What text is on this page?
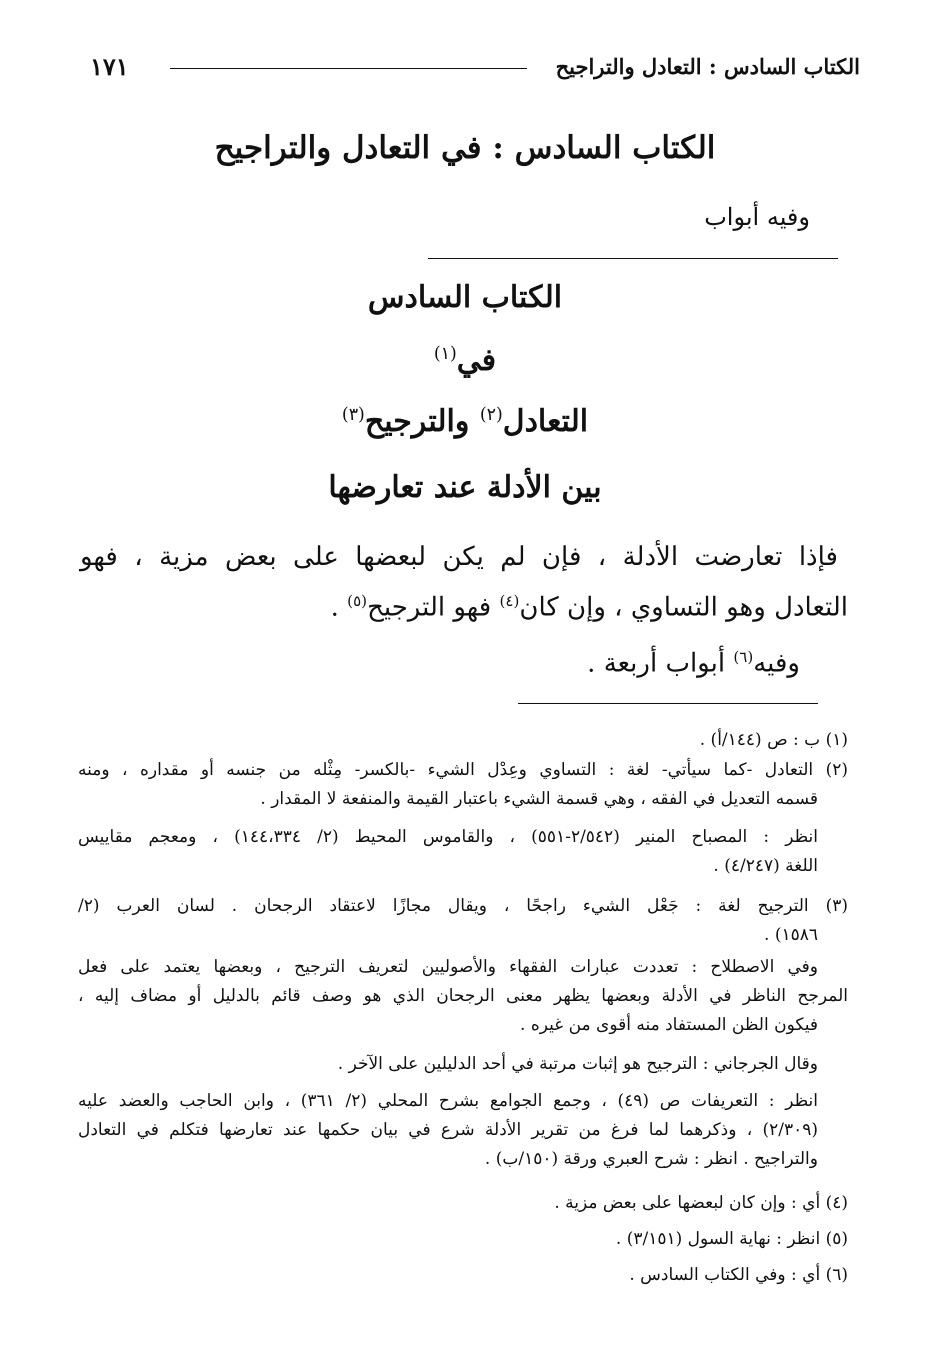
الكتاب السادس : التعادل والتراجيح
١٧١
الكتاب السادس : في التعادل والتراجيح
وفيه أبواب
الكتاب السادس
في$^{(١)}$
التعادل$^{(٢)}$ والترجيح$^{(٣)}$
بين الأدلة عند تعارضها
فإذا تعارضت الأدلة ، فإن لم يكن لبعضها على بعض مزية ، فهو
التعادل وهو التساوي ، وإن كان$^{(٤)}$ فهو الترجيح$^{(٥)}$ .
وفيه$^{(٦)}$ أبواب أربعة .
(١) ب : ص (١٤٤/أ) .
(٢) التعادل -كما سيأتي- لغة : التساوي وعِدْل الشيء -بالكسر- مِثْله من جنسه أو مقداره ، ومنه
قسمه التعديل في الفقه ، وهي قسمة الشيء باعتبار القيمة والمنفعة لا المقدار .
انظر : المصباح المنير (٢/٥٤٢-٥٥١) ، والقاموس المحيط (٢/ ١٤٤،٣٣٤) ، ومعجم مقاييس
اللغة (٤/٢٤٧) .
(٣) الترجيح لغة : جَعْل الشيء راجحًا ، ويقال مجازًا لاعتقاد الرجحان . لسان العرب (٢/
١٥٨٦) .
وفي الاصطلاح : تعددت عبارات الفقهاء والأصوليين لتعريف الترجيح ، وبعضها يعتمد على فعل
المرجح الناظر في الأدلة وبعضها يظهر معنى الرجحان الذي هو وصف قائم بالدليل أو مضاف إليه ،
فيكون الظن المستفاد منه أقوى من غيره .
وقال الجرجاني : الترجيح هو إثبات مرتبة في أحد الدليلين على الآخر .
انظر : التعريفات ص (٤٩) ، وجمع الجوامع بشرح المحلي (٢/ ٣٦١) ، وابن الحاجب والعضد عليه
(٢/٣٠٩) ، وذكرهما لما فرغ من تقرير الأدلة شرع في بيان حكمها عند تعارضها فتكلم في التعادل
والتراجيح . انظر : شرح العبري ورقة (١٥٠/ب) .
(٤) أي : وإن كان لبعضها على بعض مزية .
(٥) انظر : نهاية السول (٣/١٥١) .
(٦) أي : وفي الكتاب السادس .
